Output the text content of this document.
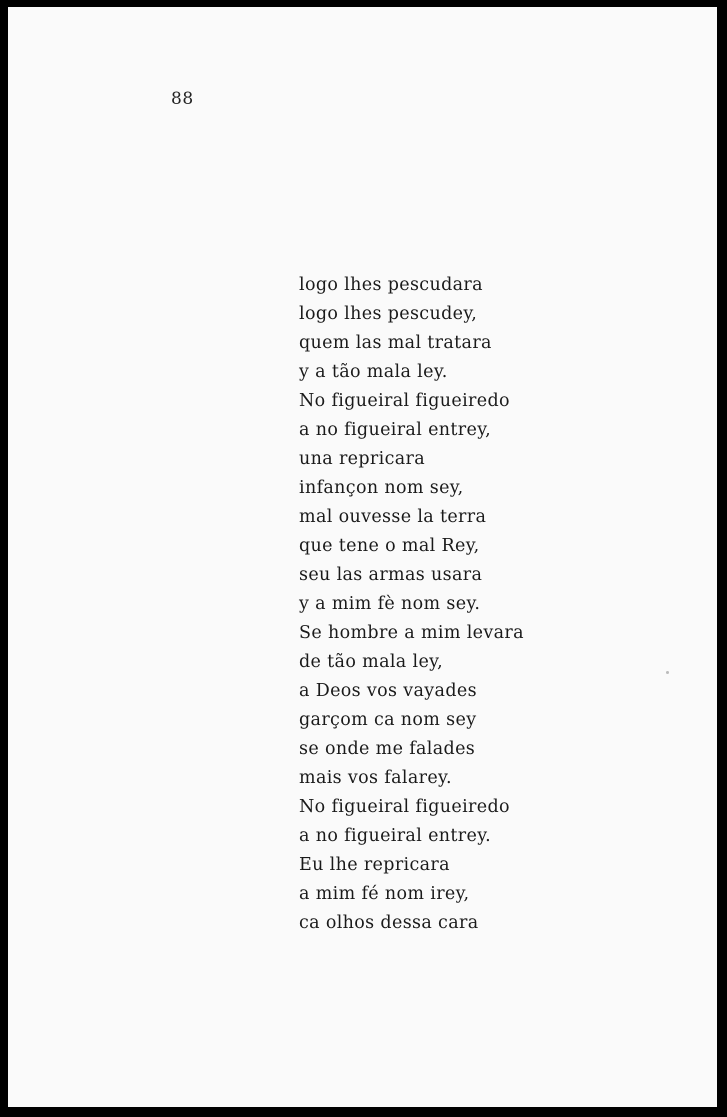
88
logo lhes pescudara
logo lhes pescudey,
quem las mal tratara
y a tão mala ley.
No figueiral figueiredo
a no figueiral entrey,
una repricara
infançon nom sey,
mal ouvesse la terra
que tene o mal Rey,
seu las armas usara
y a mim fè nom sey.
Se hombre a mim levara
de tão mala ley,
a Deos vos vayades
garçom ca nom sey
se onde me falades
mais vos falarey.
No figueiral figueiredo
a no figueiral entrey.
Eu lhe repricara
a mim fé nom irey,
ca olhos dessa cara
